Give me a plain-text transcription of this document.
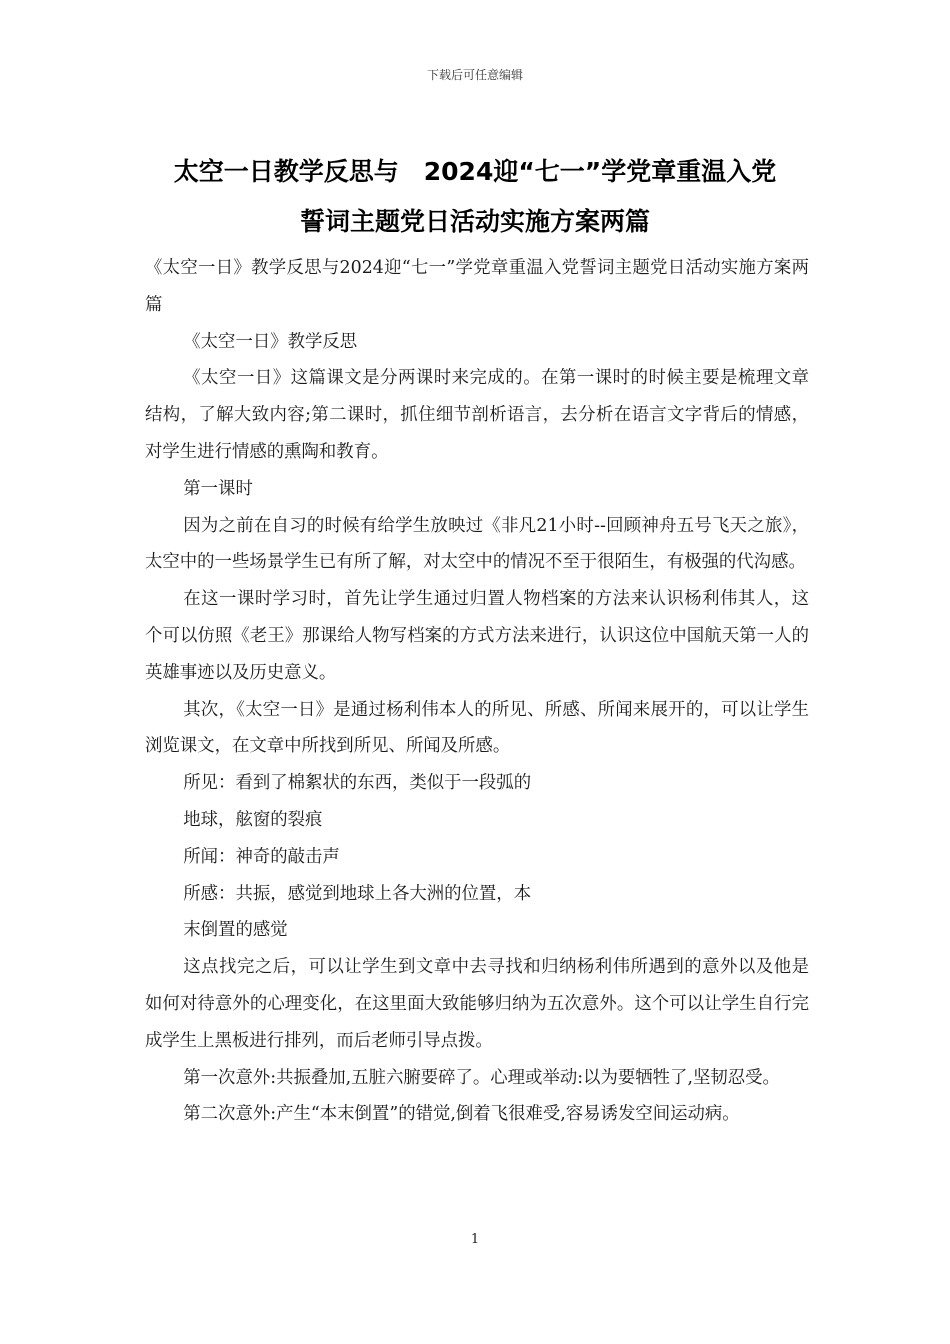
下载后可任意编辑
太空一日教学反思与　2024迎“七一”学党章重温入党
誓词主题党日活动实施方案两篇

《太空一日》教学反思与2024迎“七一”学党章重温入党誓词主题党日活动实施方案两篇

《太空一日》教学反思

《太空一日》这篇课文是分两课时来完成的。在第一课时的时候主要是梳理文章结构，了解大致内容;第二课时，抓住细节剖析语言，去分析在语言文字背后的情感，对学生进行情感的熏陶和教育。

第一课时

因为之前在自习的时候有给学生放映过《非凡21小时--回顾神舟五号飞天之旅》，太空中的一些场景学生已有所了解，对太空中的情况不至于很陌生，有极强的代沟感。

在这一课时学习时，首先让学生通过归置人物档案的方法来认识杨利伟其人，这个可以仿照《老王》那课给人物写档案的方式方法来进行，认识这位中国航天第一人的英雄事迹以及历史意义。

其次，《太空一日》是通过杨利伟本人的所见、所感、所闻来展开的，可以让学生浏览课文，在文章中所找到所见、所闻及所感。

所见：看到了棉絮状的东西，类似于一段弧的

地球，舷窗的裂痕

所闻：神奇的敲击声

所感：共振，感觉到地球上各大洲的位置，本

末倒置的感觉

这点找完之后，可以让学生到文章中去寻找和归纳杨利伟所遇到的意外以及他是如何对待意外的心理变化，在这里面大致能够归纳为五次意外。这个可以让学生自行完成学生上黑板进行排列，而后老师引导点拨。

第一次意外:共振叠加,五脏六腑要碎了。心理或举动:以为要牺牲了,坚韧忍受。

第二次意外:产生“本末倒置”的错觉,倒着飞很难受,容易诱发空间运动病。

1
